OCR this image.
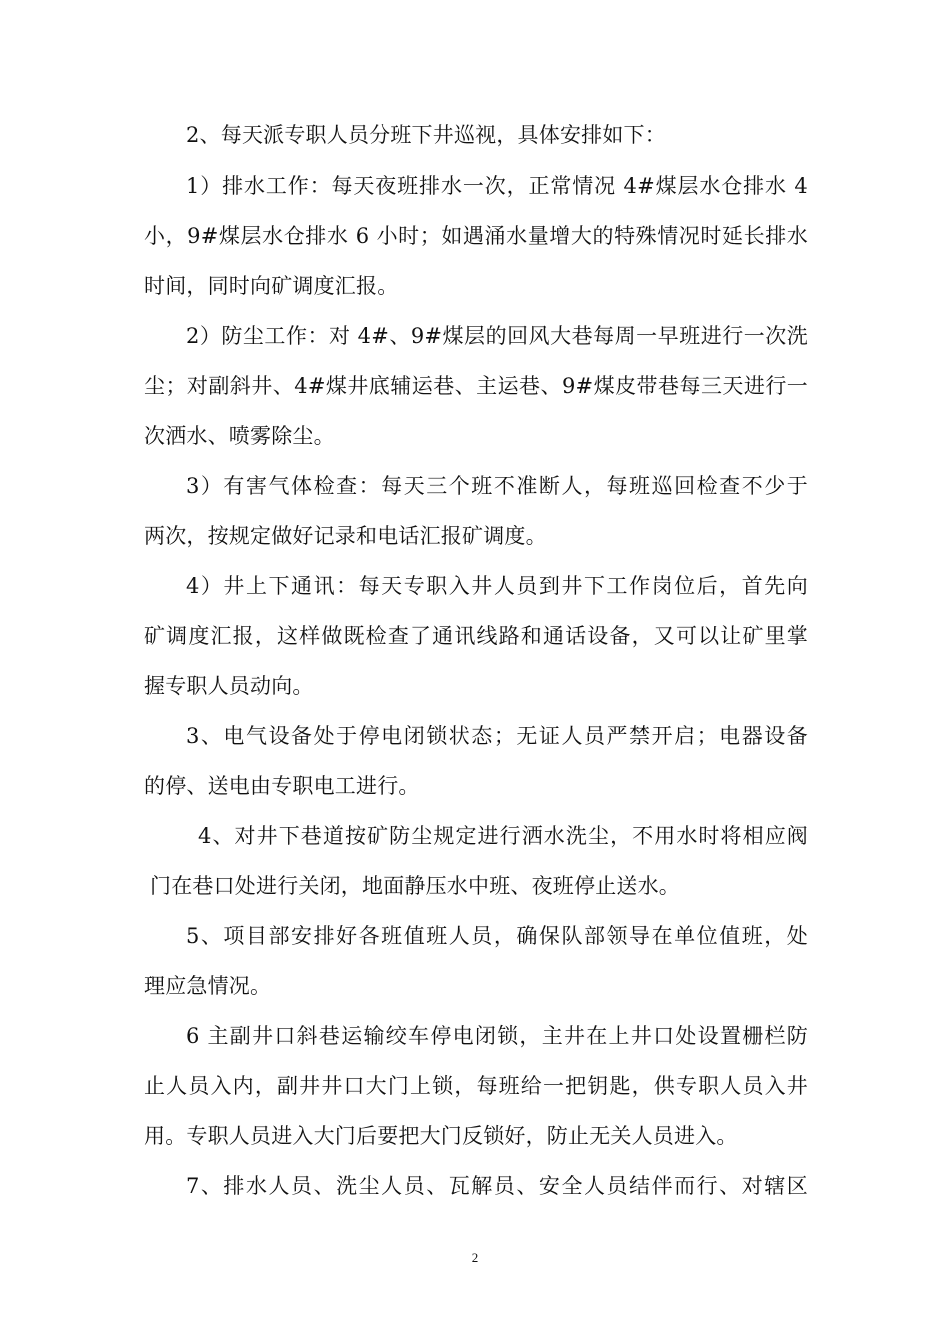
2、每天派专职人员分班下井巡视，具体安排如下：
1）排水工作：每天夜班排水一次，正常情况 4#煤层水仓排水 4
小，9#煤层水仓排水 6 小时；如遇涌水量增大的特殊情况时延长排水
时间，同时向矿调度汇报。
2）防尘工作：对 4#、9#煤层的回风大巷每周一早班进行一次洗
尘；对副斜井、4#煤井底辅运巷、主运巷、9#煤皮带巷每三天进行一
次洒水、喷雾除尘。
3）有害气体检查：每天三个班不准断人，每班巡回检查不少于
两次，按规定做好记录和电话汇报矿调度。
4）井上下通讯：每天专职入井人员到井下工作岗位后，首先向
矿调度汇报，这样做既检查了通讯线路和通话设备，又可以让矿里掌
握专职人员动向。
3、电气设备处于停电闭锁状态；无证人员严禁开启；电器设备
的停、送电由专职电工进行。
4、对井下巷道按矿防尘规定进行洒水洗尘，不用水时将相应阀
门在巷口处进行关闭，地面静压水中班、夜班停止送水。
5、项目部安排好各班值班人员，确保队部领导在单位值班，处
理应急情况。
6 主副井口斜巷运输绞车停电闭锁，主井在上井口处设置栅栏防
止人员入内，副井井口大门上锁，每班给一把钥匙，供专职人员入井
用。专职人员进入大门后要把大门反锁好，防止无关人员进入。
7、排水人员、洗尘人员、瓦解员、安全人员结伴而行、对辖区
2
